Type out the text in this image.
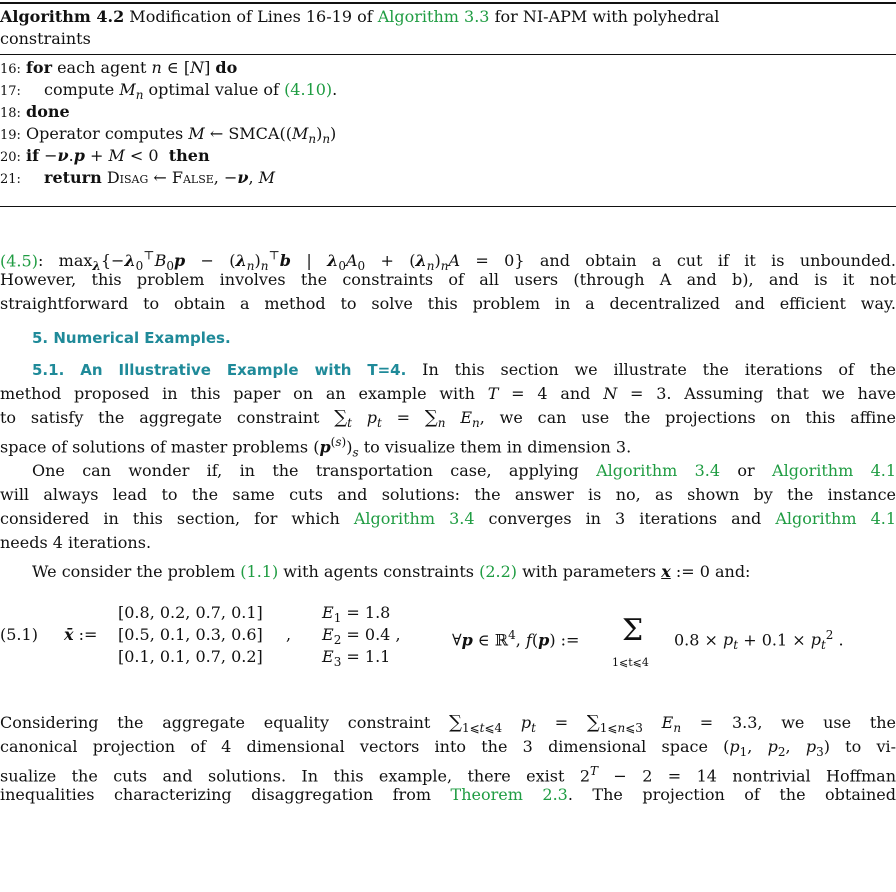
Algorithm 4.2 Modification of Lines 16-19 of Algorithm 3.3 for NI-APM with polyhedral
constraints
16: for each agent n ∈ [N] do
17: compute $M_n$ optimal value of (4.10).
18: done
19: Operator computes M ← $SMCA((M_n)_n)$
20: if −ν.p + M < 0  then
21: return Disag ← False, −ν, M
(4.5): $\max_\lambda\{-\lambda_0^⊤B_0p - (\lambda_n)_n^⊤b$ | $\lambda_0A_0 + (\lambda_n)_nA = 0$} and obtain a cut if it is unbounded.
However, this problem involves the constraints of all users (through A and b), and is it not
straightforward to obtain a method to solve this problem in a decentralized and efficient way.
5. Numerical Examples.
5.1. An Illustrative Example with T=4. In this section we illustrate the iterations of the
method proposed in this paper on an example with T = 4 and N = 3. Assuming that we have
to satisfy the aggregate constraint $\sum_t$ $p_t = \sum_n$ $E_n$, we can use the projections on this affine
space of solutions of master problems $(p^{(s)})_s$ to visualize them in dimension 3.
One can wonder if, in the transportation case, applying Algorithm 3.4 or Algorithm 4.1
will always lead to the same cuts and solutions: the answer is no, as shown by the instance
considered in this section, for which Algorithm 3.4 converges in 3 iterations and Algorithm 4.1
needs 4 iterations.
We consider the problem (1.1) with agents constraints (2.2) with parameters x := 0 and:
(5.1) x̄ :=
[0.8, 0.2, 0.7, 0.1]
[0.5, 0.1, 0.3, 0.6]
[0.1, 0.1, 0.7, 0.2]
,
$E_1 = 1.8$
$E_2 = 0.4$ ,
$E_3 = 1.1$
∀p ∈ ℝ$^4$, f(p) := Σ
1⩽t⩽4
$0.8 \times p_t + 0.1 \times p_t^2$ .
Considering the aggregate equality constraint $\sum_{1⩽t⩽4}$ $p_t = \sum_{1⩽n⩽3}$ $E_n = 3.3$, we use the
canonical projection of 4 dimensional vectors into the 3 dimensional space ($p_1$, $p_2$, $p_3$) to vi-
sualize the cuts and solutions. In this example, there exist $2^T - 2 = 14$ nontrivial Hoffman
inequalities characterizing disaggregation from Theorem 2.3. The projection of the obtained
